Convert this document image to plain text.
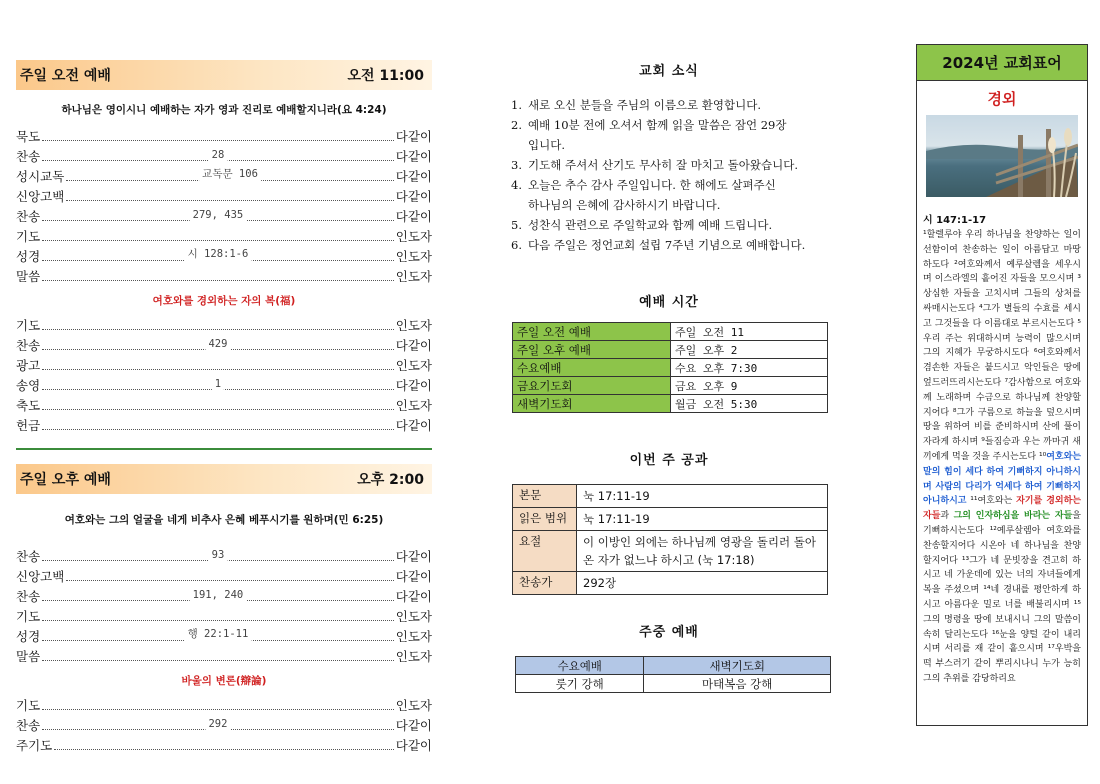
주일 오전 예배	오전 11:00
하나님은 영이시니 예배하는 자가 영과 진리로 예배할지니라(요 4:24)
묵도	다같이
찬송	28	다같이
성시교독	교독문 106	다같이
신앙고백	다같이
찬송	279, 435	다같이
기도	인도자
성경	시 128:1-6	인도자
말씀	인도자
여호와를 경외하는 자의 복(福)
기도	인도자
찬송	429	다같이
광고	인도자
송영	1	다같이
축도	인도자
헌금	다같이
주일 오후 예배	오후 2:00
여호와는 그의 얼굴을 네게 비추사 은혜 베푸시기를 원하며(민 6:25)
찬송	93	다같이
신앙고백	다같이
찬송	191, 240	다같이
기도	인도자
성경	행 22:1-11	인도자
말씀	인도자
바울의 변론(辯論)
기도	인도자
찬송	292	다같이
주기도	다같이
교회 소식
1. 새로 오신 분들을 주님의 이름으로 환영합니다.
2. 예배 10분 전에 오셔서 함께 읽을 말씀은 잠언 29장
입니다.
3. 기도해 주셔서 산기도 무사히 잘 마치고 돌아왔습니다.
4. 오늘은 추수 감사 주일입니다. 한 해에도 살펴주신
하나님의 은혜에 감사하시기 바랍니다.
5. 성찬식 관련으로 주일학교와 함께 예배 드립니다.
6. 다음 주일은 정언교회 설립 7주년 기념으로 예배합니다.
예배 시간
주일 오전 예배	주일 오전 11
주일 오후 예배	주일 오후 2
수요예배	수요 오후 7:30
금요기도회	금요 오후 9
새벽기도회	월금 오전 5:30
이번 주 공과
본문	눅 17:11-19
읽은 범위	눅 17:11-19
요절	이 이방인 외에는 하나님께 영광을 돌리러 돌아 온 자가 없느냐 하시고 (눅 17:18)
찬송가	292장
주중 예배
수요예배	새벽기도회
룻기 강해	마태복음 강해
2024년 교회표어
경외
시 147:1-17
¹할렐루야 우리 하나님을 찬양하는 일이 선함이여 찬송하는 일이 아름답고 마땅하도다 ²여호와께서 예루살렘을 세우시며 이스라엘의 흩어진 자들을 모으시며 ³상심한 자들을 고치시며 그들의 상처를 싸매시는도다 ⁴그가 별들의 수효를 세시고 그것들을 다 이름대로 부르시는도다 ⁵우리 주는 위대하시며 능력이 많으시며 그의 지혜가 무궁하시도다 ⁶여호와께서 겸손한 자들은 붙드시고 악인들은 땅에 엎드러뜨리시는도다 ⁷감사함으로 여호와께 노래하며 수금으로 하나님께 찬양할지어다 ⁸그가 구름으로 하늘을 덮으시며 땅을 위하여 비를 준비하시며 산에 풀이 자라게 하시며 ⁹들짐승과 우는 까마귀 새끼에게 먹을 것을 주시는도다 ¹⁰여호와는 말의 힘이 세다 하여 기뻐하지 아니하시며 사람의 다리가 억세다 하여 기뻐하지 아니하시고 ¹¹여호와는 자기를 경외하는 자들과 그의 인자하심을 바라는 자들을 기뻐하시는도다 ¹²예루살렘아 여호와를 찬송할지어다 시온아 네 하나님을 찬양할지어다 ¹³그가 네 문빗장을 견고히 하시고 네 가운데에 있는 너의 자녀들에게 복을 주셨으며 ¹⁴네 경내를 평안하게 하시고 아름다운 밀로 너를 배불리시며 ¹⁵그의 명령을 땅에 보내시니 그의 말씀이 속히 달리는도다 ¹⁶눈을 양털 같이 내리시며 서리를 재 같이 흩으시며 ¹⁷우박을 떡 부스러기 같이 뿌리시나니 누가 능히 그의 추위를 감당하리요
